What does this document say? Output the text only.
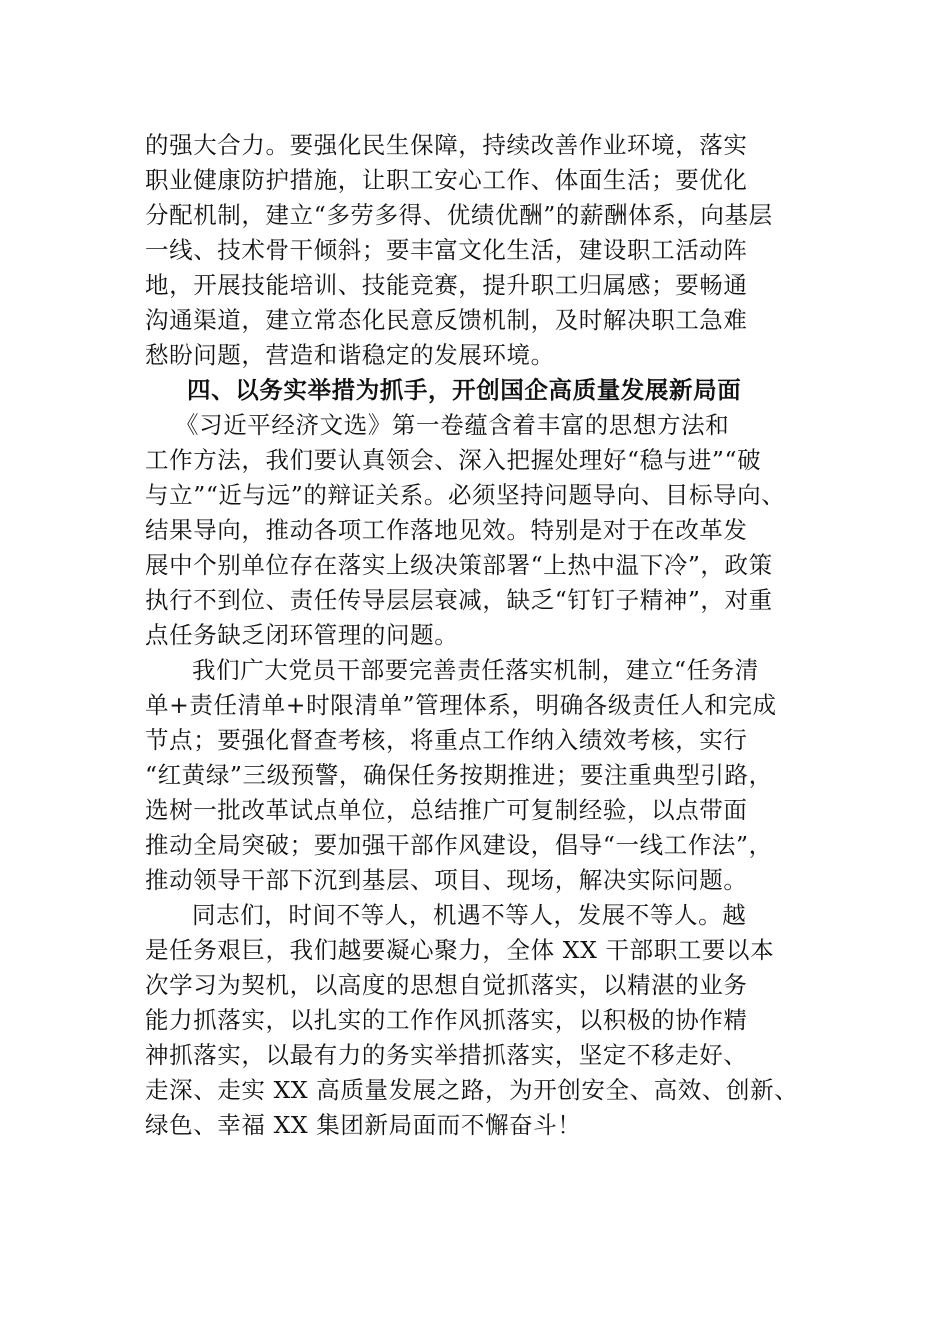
的强大合力。要强化民生保障，持续改善作业环境，落实
职业健康防护措施，让职工安心工作、体面生活；要优化
分配机制，建立“多劳多得、优绩优酬”的薪酬体系，向基层
一线、技术骨干倾斜；要丰富文化生活，建设职工活动阵
地，开展技能培训、技能竞赛，提升职工归属感；要畅通
沟通渠道，建立常态化民意反馈机制，及时解决职工急难
愁盼问题，营造和谐稳定的发展环境。
四、以务实举措为抓手，开创国企高质量发展新局面
《习近平经济文选》第一卷蕴含着丰富的思想方法和
工作方法，我们要认真领会、深入把握处理好“稳与进”“破
与立”“近与远”的辩证关系。必须坚持问题导向、目标导向、
结果导向，推动各项工作落地见效。特别是对于在改革发
展中个别单位存在落实上级决策部署“上热中温下冷”，政策
执行不到位、责任传导层层衰减，缺乏“钉钉子精神”，对重
点任务缺乏闭环管理的问题。
我们广大党员干部要完善责任落实机制，建立“任务清
单+责任清单+时限清单”管理体系，明确各级责任人和完成
节点；要强化督查考核，将重点工作纳入绩效考核，实行
“红黄绿”三级预警，确保任务按期推进；要注重典型引路，
选树一批改革试点单位，总结推广可复制经验，以点带面
推动全局突破；要加强干部作风建设，倡导“一线工作法”，
推动领导干部下沉到基层、项目、现场，解决实际问题。
同志们，时间不等人，机遇不等人，发展不等人。越
是任务艰巨，我们越要凝心聚力，全体 XX 干部职工要以本
次学习为契机，以高度的思想自觉抓落实，以精湛的业务
能力抓落实，以扎实的工作作风抓落实，以积极的协作精
神抓落实，以最有力的务实举措抓落实，坚定不移走好、
走深、走实 XX 高质量发展之路，为开创安全、高效、创新、
绿色、幸福 XX 集团新局面而不懈奋斗！
